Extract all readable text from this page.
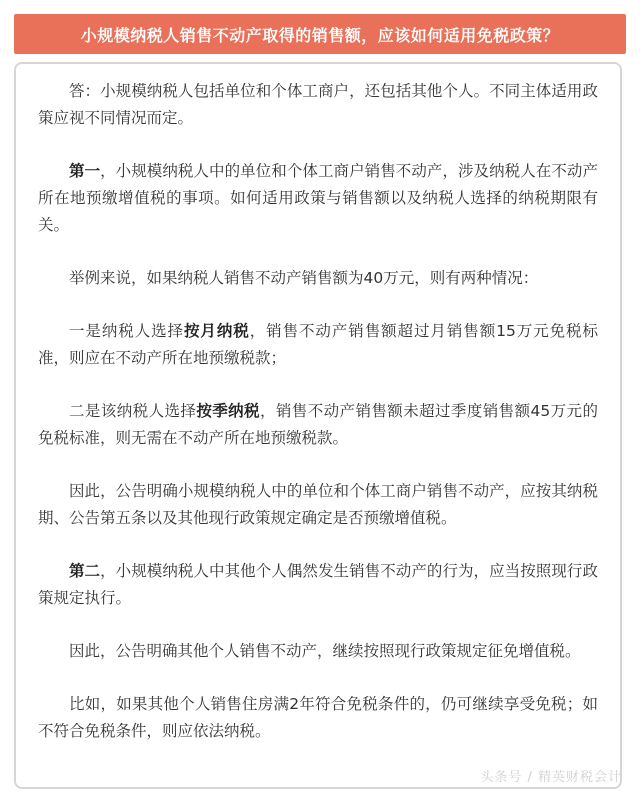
小规模纳税人销售不动产取得的销售额，应该如何适用免税政策？

答：小规模纳税人包括单位和个体工商户，还包括其他个人。不同主体适用政策应视不同情况而定。

第一，小规模纳税人中的单位和个体工商户销售不动产，涉及纳税人在不动产所在地预缴增值税的事项。如何适用政策与销售额以及纳税人选择的纳税期限有关。

举例来说，如果纳税人销售不动产销售额为40万元，则有两种情况：

一是纳税人选择按月纳税，销售不动产销售额超过月销售额15万元免税标准，则应在不动产所在地预缴税款；

二是该纳税人选择按季纳税，销售不动产销售额未超过季度销售额45万元的免税标准，则无需在不动产所在地预缴税款。

因此，公告明确小规模纳税人中的单位和个体工商户销售不动产，应按其纳税期、公告第五条以及其他现行政策规定确定是否预缴增值税。

第二，小规模纳税人中其他个人偶然发生销售不动产的行为，应当按照现行政策规定执行。

因此，公告明确其他个人销售不动产，继续按照现行政策规定征免增值税。

比如，如果其他个人销售住房满2年符合免税条件的，仍可继续享受免税；如不符合免税条件，则应依法纳税。

头条号 / 精英财税会计
